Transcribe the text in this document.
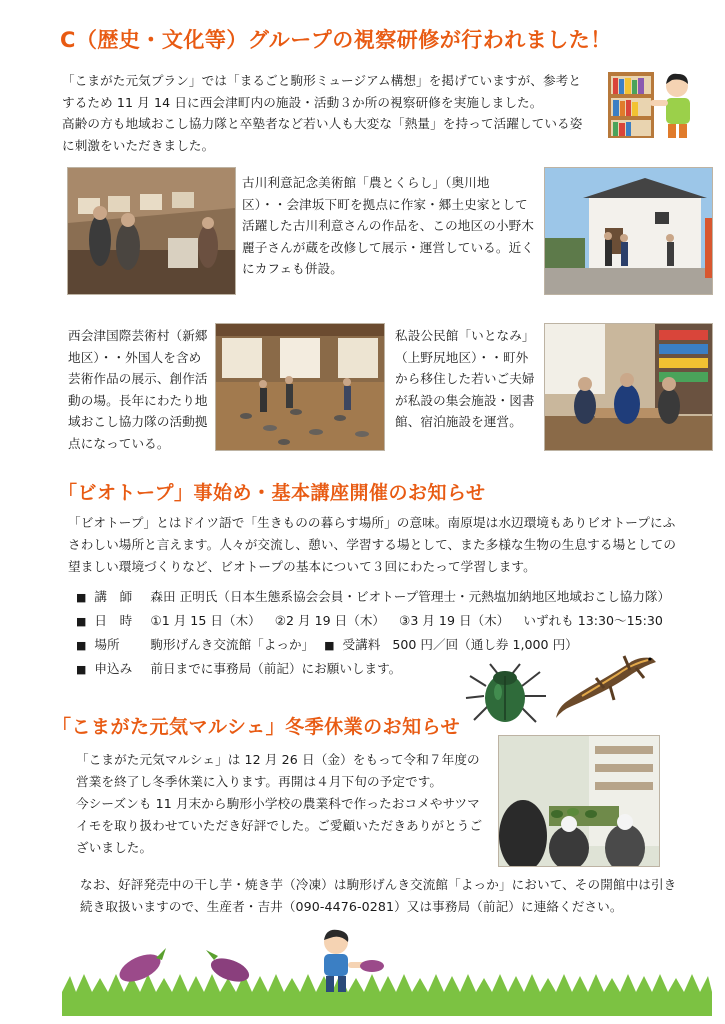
C（歴史・文化等）グループの視察研修が行われました！
「こまがた元気プラン」では「まるごと駒形ミュージアム構想」を掲げていますが、参考と
するため 11 月 14 日に西会津町内の施設・活動３か所の視察研修を実施しました。
高齢の方も地域おこし協力隊と卒塾者など若い人も大変な「熱量」を持って活躍している姿
に刺激をいただきました。
古川利意記念美術館「農とくらし」（奥川地
区）・・会津坂下町を拠点に作家・郷土史家として
活躍した古川利意さんの作品を、この地区の小野木
麗子さんが蔵を改修して展示・運営している。近く
にカフェも併設。
西会津国際芸術村（新郷
地区）・・外国人を含め
芸術作品の展示、創作活
動の場。長年にわたり地
域おこし協力隊の活動拠
点になっている。
私設公民館「いとなみ」
（上野尻地区）・・町外
から移住した若いご夫婦
が私設の集会施設・図書
館、宿泊施設を運営。
「ビオトープ」事始め・基本講座開催のお知らせ
「ビオトープ」とはドイツ語で「生きものの暮らす場所」の意味。南原堤は水辺環境もありビオトープにふ
さわしい場所と言えます。人々が交流し、憩い、学習する場として、また多様な生物の生息する場としての
望ましい環境づくりなど、ビオトープの基本について３回にわたって学習します。
■ 講　師 森田 正明氏（日本生態系協会会員・ビオトープ管理士・元熱塩加納地区地域おこし協力隊）
■ 日　時 ①1 月 15 日（木） ②2 月 19 日（木） ③3 月 19 日（木） いずれも 13:30～15:30
■ 場所 駒形げんき交流館「よっか」 ■ 受講料 500 円／回（通し券 1,000 円）
■ 申込み 前日までに事務局（前記）にお願いします。
「こまがた元気マルシェ」冬季休業のお知らせ
「こまがた元気マルシェ」は 12 月 26 日（金）をもって令和７年度の
営業を終了し冬季休業に入ります。再開は４月下旬の予定です。
今シーズンも 11 月末から駒形小学校の農業科で作ったおコメやサツマ
イモを取り扱わせていただき好評でした。ご愛顧いただきありがとうご
ざいました。
なお、好評発売中の干し芋・焼き芋（冷凍）は駒形げんき交流館「よっか」において、その開館中は引き
続き取扱いますので、生産者・吉井（090-4476-0281）又は事務局（前記）に連絡ください。
